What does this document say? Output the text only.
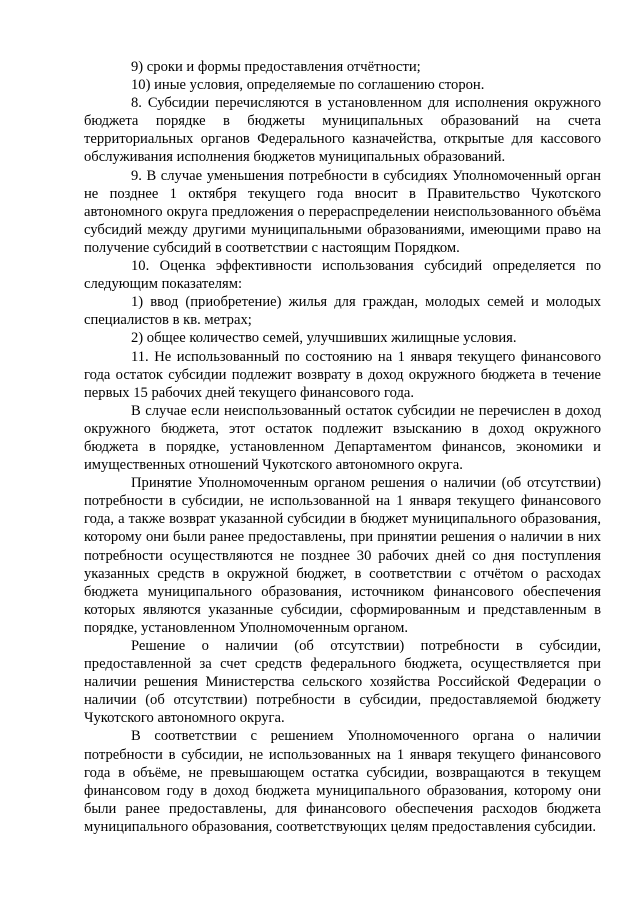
9) сроки и формы предоставления отчётности;

10) иные условия, определяемые по соглашению сторон.

8. Субсидии перечисляются в установленном для исполнения окружного бюджета порядке в бюджеты муниципальных образований на счета территориальных органов Федерального казначейства, открытые для кассового обслуживания исполнения бюджетов муниципальных образований.

9. В случае уменьшения потребности в субсидиях Уполномоченный орган не позднее 1 октября текущего года вносит в Правительство Чукотского автономного округа предложения о перераспределении неиспользованного объёма субсидий между другими муниципальными образованиями, имеющими право на получение субсидий в соответствии с настоящим Порядком.

10. Оценка эффективности использования субсидий определяется по следующим показателям:

1) ввод (приобретение) жилья для граждан, молодых семей и молодых специалистов в кв. метрах;

2) общее количество семей, улучшивших жилищные условия.

11. Не использованный по состоянию на 1 января текущего финансового года остаток субсидии подлежит возврату в доход окружного бюджета в течение первых 15 рабочих дней текущего финансового года.

В случае если неиспользованный остаток субсидии не перечислен в доход окружного бюджета, этот остаток подлежит взысканию в доход окружного бюджета в порядке, установленном Департаментом финансов, экономики и имущественных отношений Чукотского автономного округа.

Принятие Уполномоченным органом решения о наличии (об отсутствии) потребности в субсидии, не использованной на 1 января текущего финансового года, а также возврат указанной субсидии в бюджет муниципального образования, которому они были ранее предоставлены, при принятии решения о наличии в них потребности осуществляются не позднее 30 рабочих дней со дня поступления указанных средств в окружной бюджет, в соответствии с отчётом о расходах бюджета муниципального образования, источником финансового обеспечения которых являются указанные субсидии, сформированным и представленным в порядке, установленном Уполномоченным органом.

Решение о наличии (об отсутствии) потребности в субсидии, предоставленной за счет средств федерального бюджета, осуществляется при наличии решения Министерства сельского хозяйства Российской Федерации о наличии (об отсутствии) потребности в субсидии, предоставляемой бюджету Чукотского автономного округа.

В соответствии с решением Уполномоченного органа о наличии потребности в субсидии, не использованных на 1 января текущего финансового года в объёме, не превышающем остатка субсидии, возвращаются в текущем финансовом году в доход бюджета муниципального образования, которому они были ранее предоставлены, для финансового обеспечения расходов бюджета муниципального образования, соответствующих целям предоставления субсидии.
